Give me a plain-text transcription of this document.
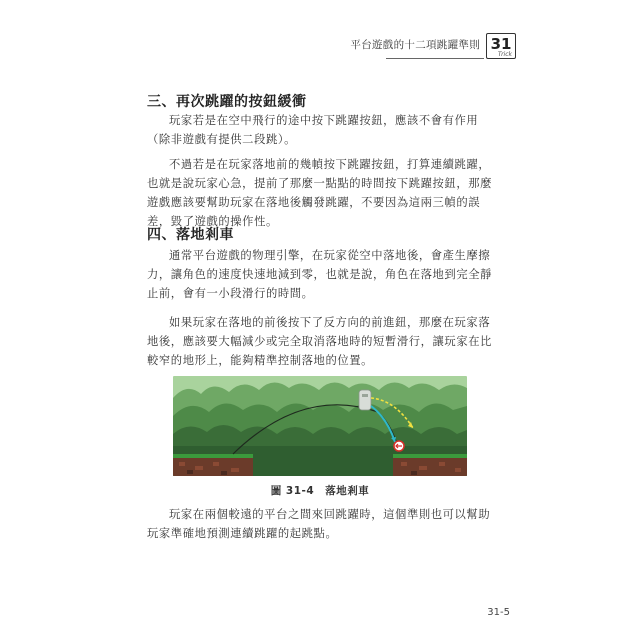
平台遊戲的十二項跳躍準則 31
Trick
三、再次跳躍的按鈕緩衝

玩家若是在空中飛行的途中按下跳躍按鈕，應該不會有作用（除非遊戲有提供二段跳）。

不過若是在玩家落地前的幾幀按下跳躍按鈕，打算連續跳躍，也就是說玩家心急，提前了那麼一點點的時間按下跳躍按鈕，那麼遊戲應該要幫助玩家在落地後觸發跳躍，不要因為這兩三幀的誤差，毀了遊戲的操作性。

四、落地剎車

通常平台遊戲的物理引擎，在玩家從空中落地後，會產生摩擦力，讓角色的速度快速地減到零，也就是說，角色在落地到完全靜止前，會有一小段滑行的時間。

如果玩家在落地的前後按下了反方向的前進鈕，那麼在玩家落地後，應該要大幅減少或完全取消落地時的短暫滑行，讓玩家在比較窄的地形上，能夠精準控制落地的位置。

圖 31-4　落地剎車

玩家在兩個較遠的平台之間來回跳躍時，這個準則也可以幫助玩家準確地預測連續跳躍的起跳點。

31-5
